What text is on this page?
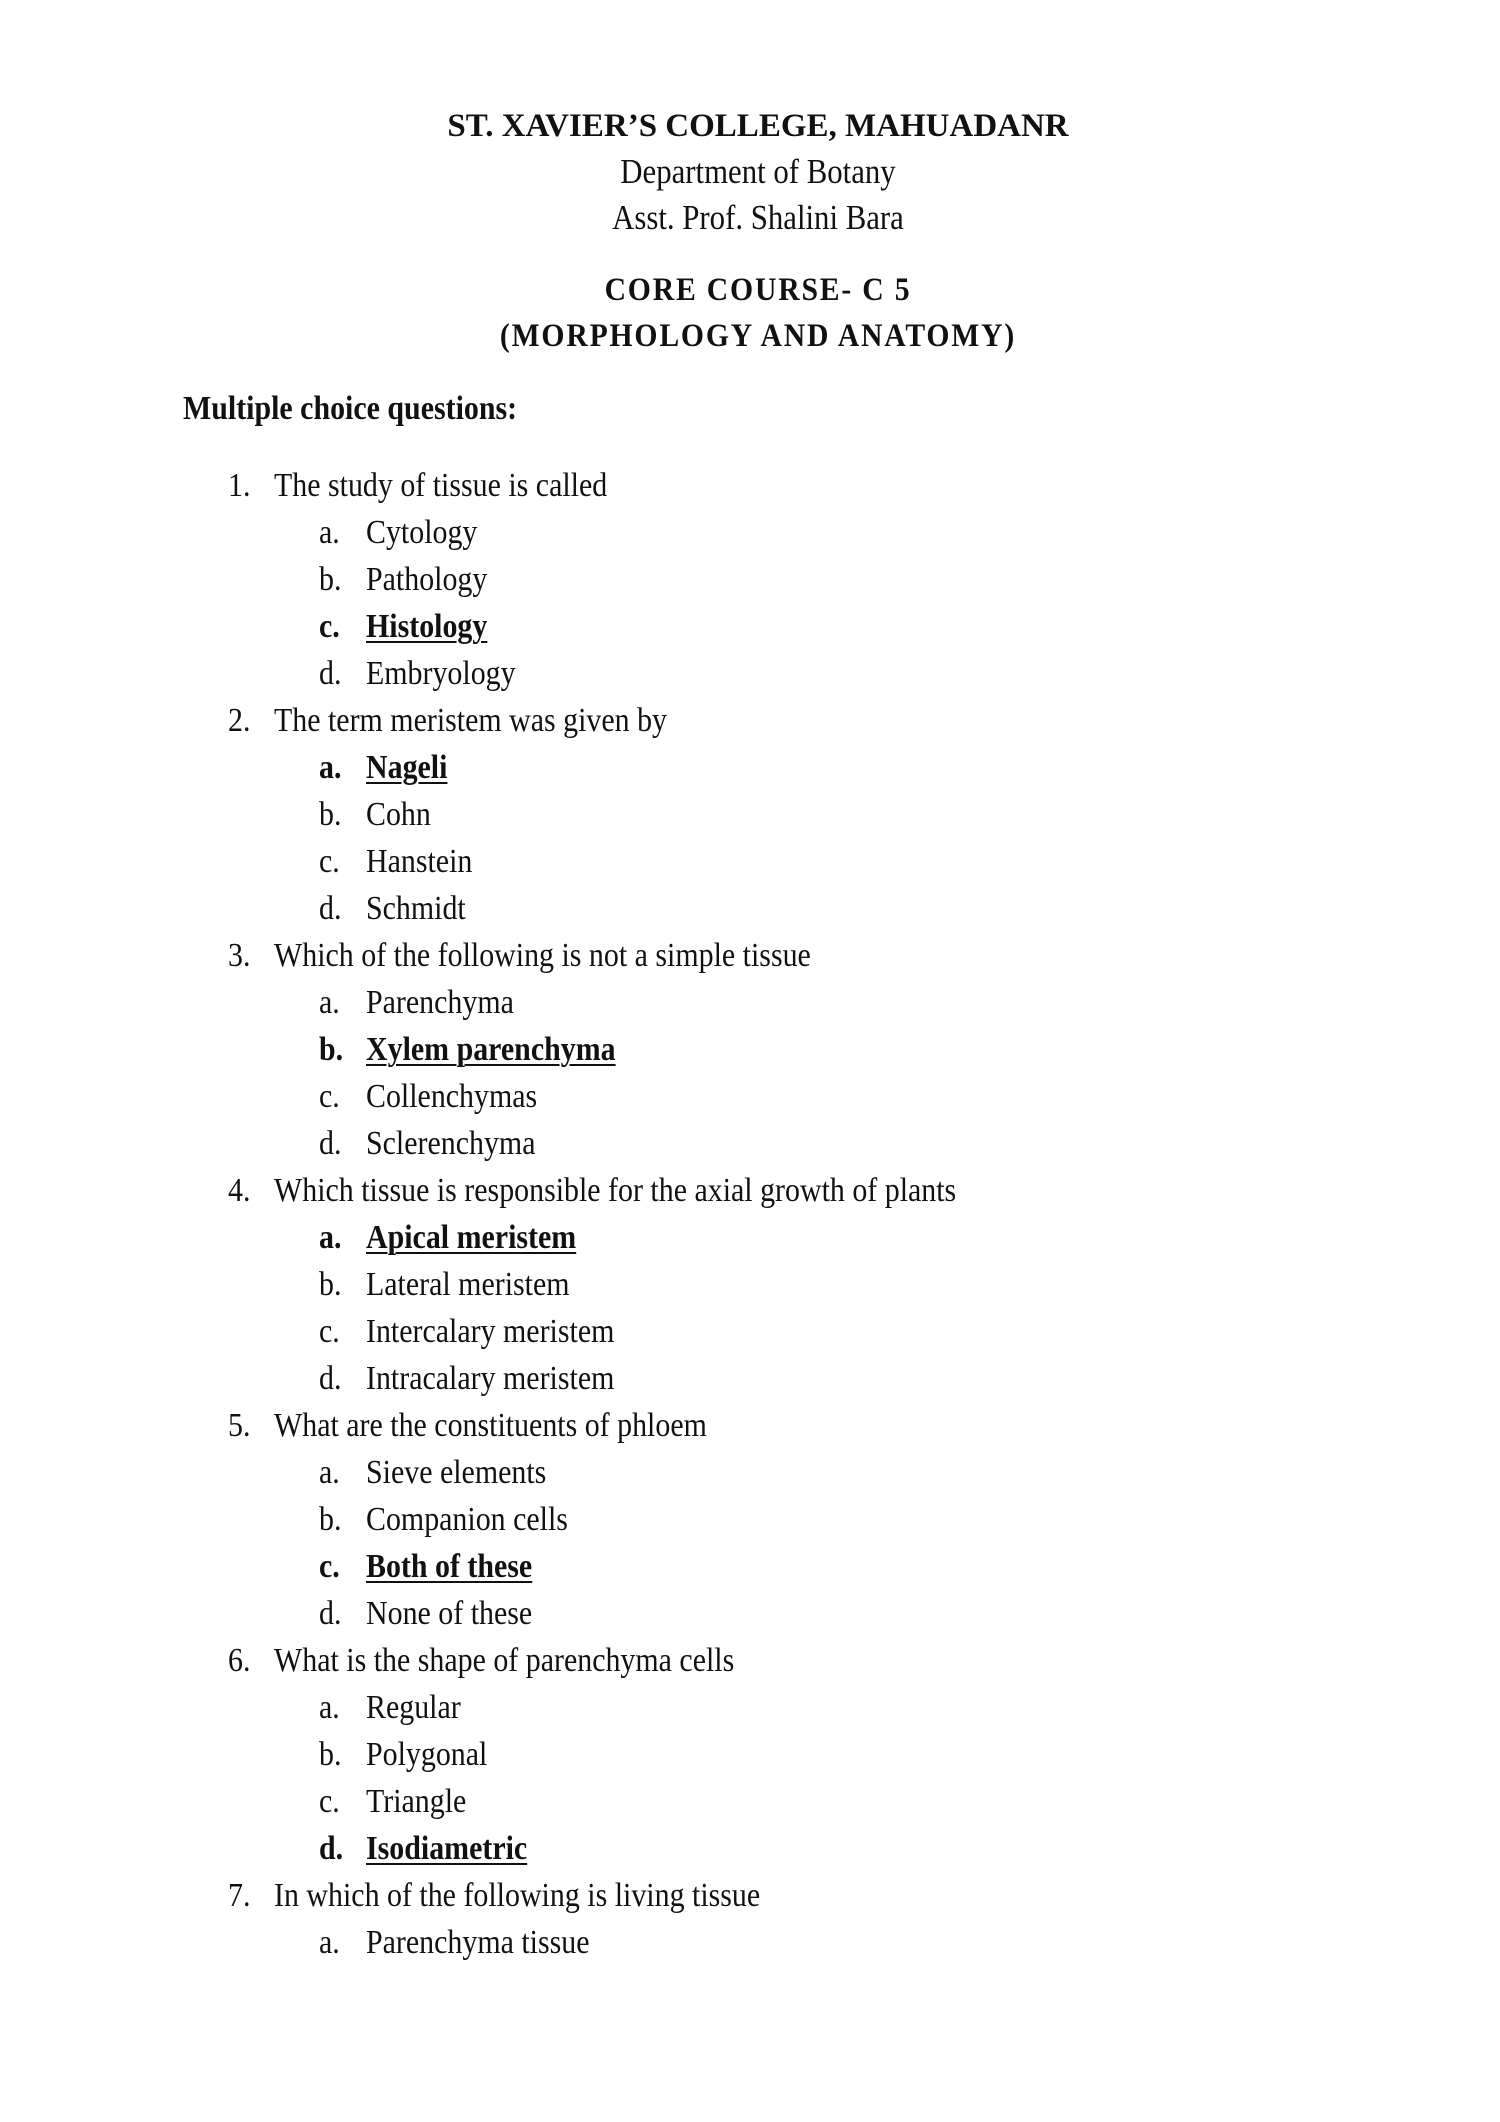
ST. XAVIER’S COLLEGE, MAHUADANR
Department of Botany
Asst. Prof. Shalini Bara
CORE COURSE- C 5
(MORPHOLOGY AND ANATOMY)
Multiple choice questions:
1. The study of tissue is called
a. Cytology
b. Pathology
c. Histology
d. Embryology
2. The term meristem was given by
a. Nageli
b. Cohn
c. Hanstein
d. Schmidt
3. Which of the following is not a simple tissue
a. Parenchyma
b. Xylem parenchyma
c. Collenchymas
d. Sclerenchyma
4. Which tissue is responsible for the axial growth of plants
a. Apical meristem
b. Lateral meristem
c. Intercalary meristem
d. Intracalary meristem
5. What are the constituents of phloem
a. Sieve elements
b. Companion cells
c. Both of these
d. None of these
6. What is the shape of parenchyma cells
a. Regular
b. Polygonal
c. Triangle
d. Isodiametric
7. In which of the following is living tissue
a. Parenchyma tissue
